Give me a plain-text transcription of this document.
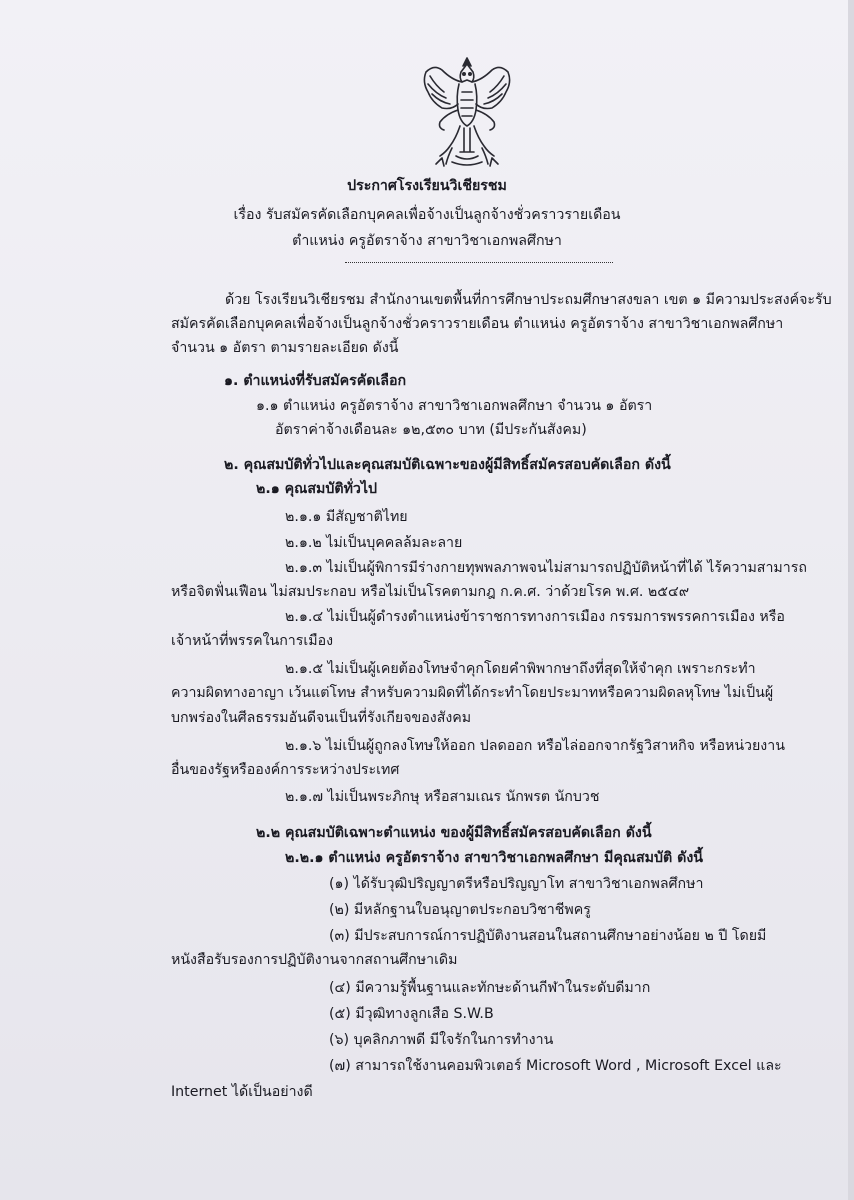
ประกาศโรงเรียนวิเชียรชม
เรื่อง รับสมัครคัดเลือกบุคคลเพื่อจ้างเป็นลูกจ้างชั่วคราวรายเดือน
ตำแหน่ง ครูอัตราจ้าง สาขาวิชาเอกพลศึกษา
ด้วย โรงเรียนวิเชียรชม สำนักงานเขตพื้นที่การศึกษาประถมศึกษาสงขลา เขต ๑ มีความประสงค์จะรับ
สมัครคัดเลือกบุคคลเพื่อจ้างเป็นลูกจ้างชั่วคราวรายเดือน ตำแหน่ง ครูอัตราจ้าง สาขาวิชาเอกพลศึกษา
จำนวน ๑ อัตรา ตามรายละเอียด ดังนี้
๑. ตำแหน่งที่รับสมัครคัดเลือก
๑.๑ ตำแหน่ง ครูอัตราจ้าง สาขาวิชาเอกพลศึกษา จำนวน ๑ อัตรา
อัตราค่าจ้างเดือนละ ๑๒,๕๓๐ บาท (มีประกันสังคม)
๒. คุณสมบัติทั่วไปและคุณสมบัติเฉพาะของผู้มีสิทธิ์สมัครสอบคัดเลือก ดังนี้
๒.๑ คุณสมบัติทั่วไป
๒.๑.๑ มีสัญชาติไทย
๒.๑.๒ ไม่เป็นบุคคลล้มละลาย
๒.๑.๓ ไม่เป็นผู้พิการมีร่างกายทุพพลภาพจนไม่สามารถปฏิบัติหน้าที่ได้ ไร้ความสามารถ
หรือจิตฟั่นเฟือน ไม่สมประกอบ หรือไม่เป็นโรคตามกฎ ก.ค.ศ. ว่าด้วยโรค พ.ศ. ๒๕๔๙
๒.๑.๔ ไม่เป็นผู้ดำรงตำแหน่งข้าราชการทางการเมือง กรรมการพรรคการเมือง หรือ
เจ้าหน้าที่พรรคในการเมือง
๒.๑.๕ ไม่เป็นผู้เคยต้องโทษจำคุกโดยคำพิพากษาถึงที่สุดให้จำคุก เพราะกระทำ
ความผิดทางอาญา เว้นแต่โทษ สำหรับความผิดที่ได้กระทำโดยประมาทหรือความผิดลหุโทษ ไม่เป็นผู้
บกพร่องในศีลธรรมอันดีจนเป็นที่รังเกียจของสังคม
๒.๑.๖ ไม่เป็นผู้ถูกลงโทษให้ออก ปลดออก หรือไล่ออกจากรัฐวิสาหกิจ หรือหน่วยงาน
อื่นของรัฐหรือองค์การระหว่างประเทศ
๒.๑.๗ ไม่เป็นพระภิกษุ หรือสามเณร นักพรต นักบวช
๒.๒ คุณสมบัติเฉพาะตำแหน่ง ของผู้มีสิทธิ์สมัครสอบคัดเลือก ดังนี้
๒.๒.๑ ตำแหน่ง ครูอัตราจ้าง สาขาวิชาเอกพลศึกษา มีคุณสมบัติ ดังนี้
(๑) ได้รับวุฒิปริญญาตรีหรือปริญญาโท สาขาวิชาเอกพลศึกษา
(๒) มีหลักฐานใบอนุญาตประกอบวิชาชีพครู
(๓) มีประสบการณ์การปฏิบัติงานสอนในสถานศึกษาอย่างน้อย ๒ ปี โดยมี
หนังสือรับรองการปฏิบัติงานจากสถานศึกษาเดิม
(๔) มีความรู้พื้นฐานและทักษะด้านกีฬาในระดับดีมาก
(๕) มีวุฒิทางลูกเสือ S.W.B
(๖) บุคลิกภาพดี มีใจรักในการทำงาน
(๗) สามารถใช้งานคอมพิวเตอร์ Microsoft Word , Microsoft Excel และ
Internet ได้เป็นอย่างดี
